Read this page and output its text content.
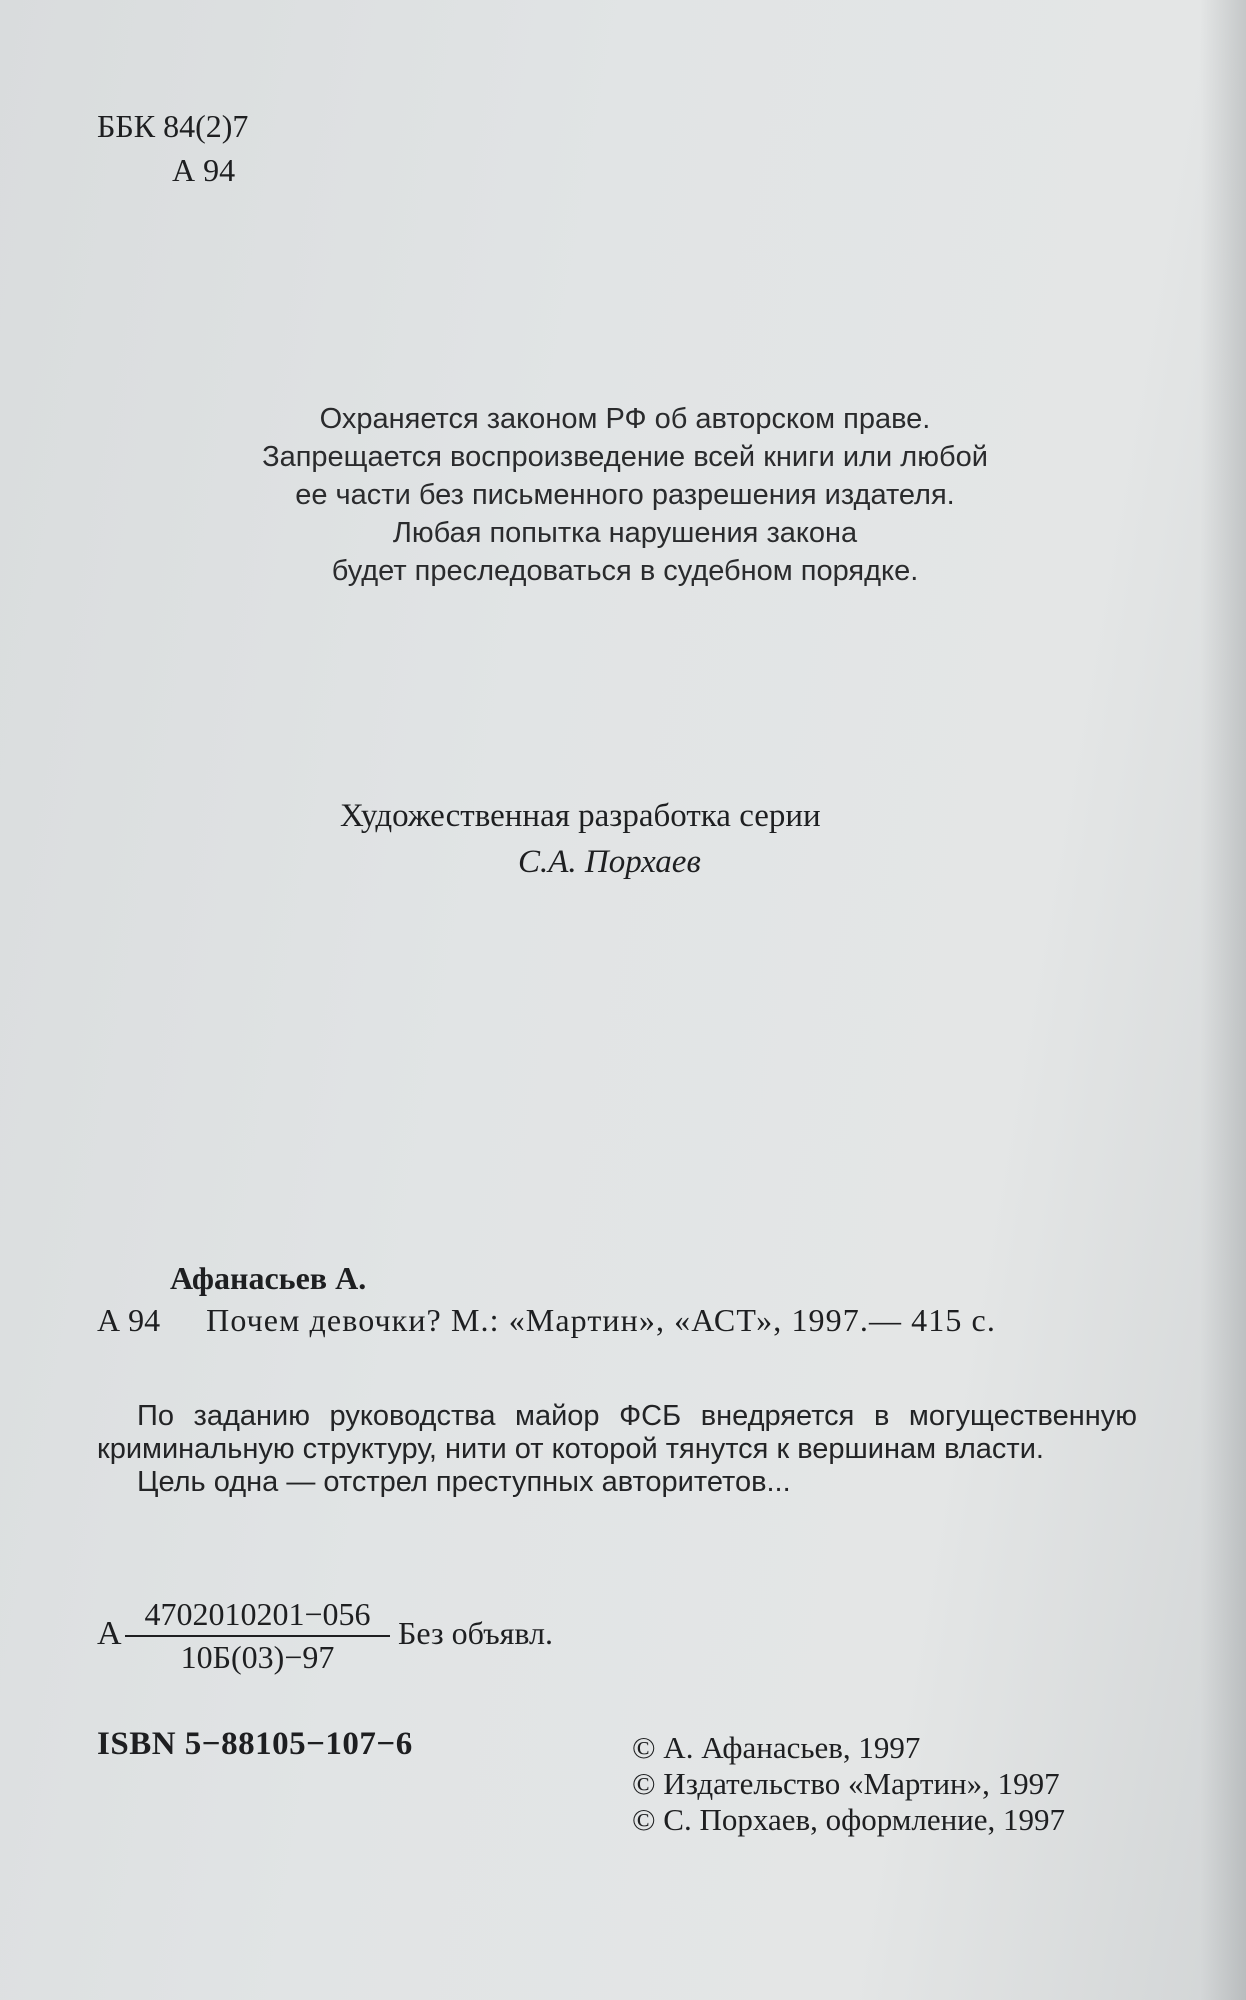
ББК 84(2)7
А 94
Охраняется законом РФ об авторском праве.
Запрещается воспроизведение всей книги или любой
ее части без письменного разрешения издателя.
Любая попытка нарушения закона
будет преследоваться в судебном порядке.
Художественная разработка серии
С.А. Порхаев
Афанасьев А.
А 94 Почем девочки? М.: «Мартин», «АСТ», 1997.— 415 с.

По заданию руководства майор ФСБ внедряется в могущественную криминальную структуру, нити от которой тянутся к вершинам власти.

Цель одна — отстрел преступных авторитетов...

А
4702010201−056
10Б(03)−97
Без объявл.
ISBN 5−88105−107−6	© А. Афанасьев, 1997
© Издательство «Мартин», 1997
© С. Порхаев, оформление, 1997
